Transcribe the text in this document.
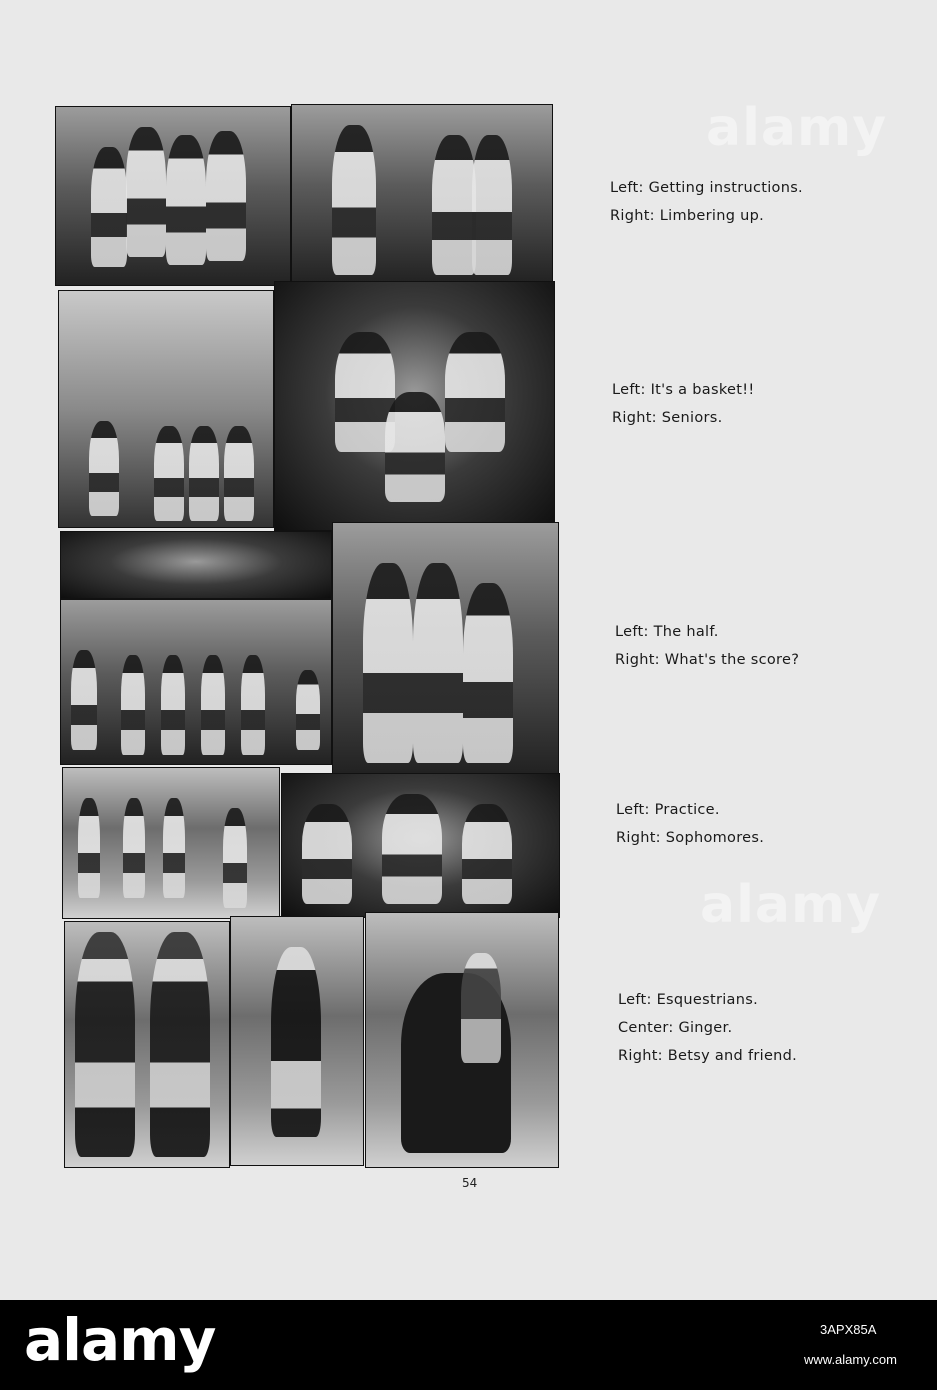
Left: Getting instructions.
Right: Limbering up.
Left: It's a basket!!
Right: Seniors.
Left: The half.
Right: What's the score?
Left: Practice.
Right: Sophomores.
Left: Esquestrians.
Center: Ginger.
Right: Betsy and friend.
54
alamy
alamy
alamy	3APX85A
www.alamy.com
